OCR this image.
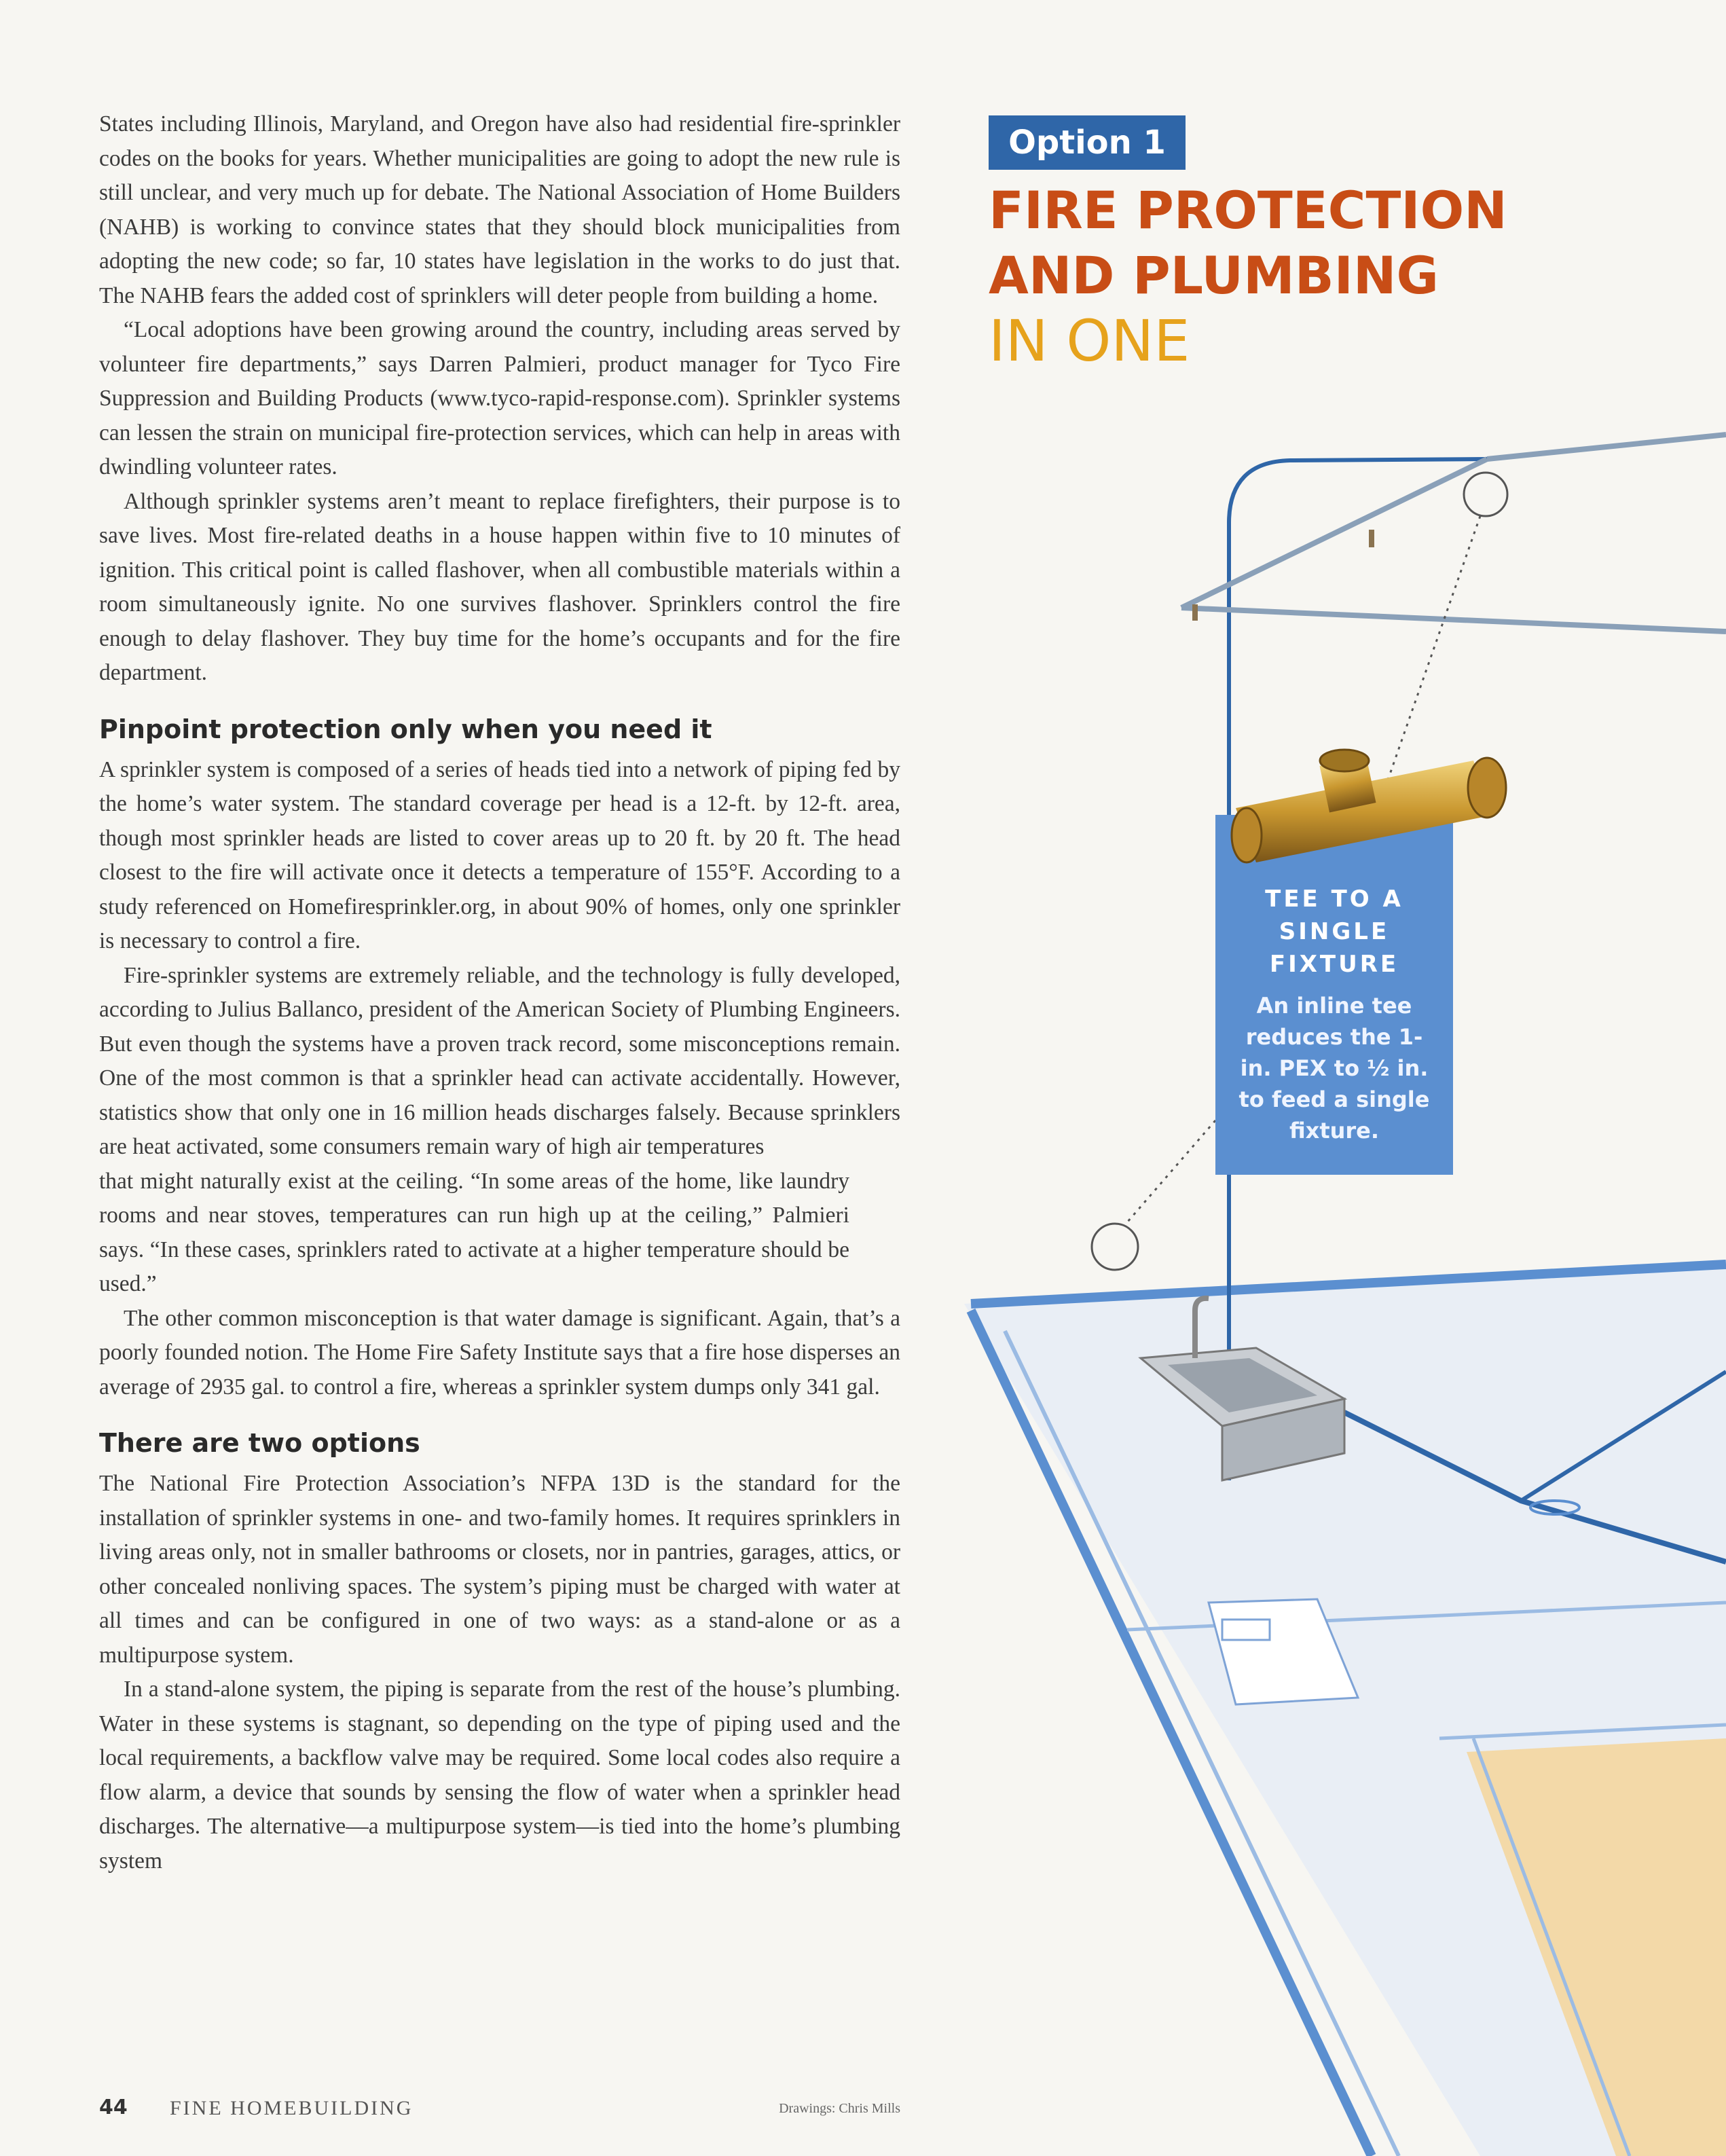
States including Illinois, Maryland, and Oregon have also had residential fire-sprinkler codes on the books for years. Whether municipalities are going to adopt the new rule is still unclear, and very much up for debate. The National Association of Home Builders (NAHB) is working to convince states that they should block municipalities from adopting the new code; so far, 10 states have legislation in the works to do just that. The NAHB fears the added cost of sprinklers will deter people from building a home.

“Local adoptions have been growing around the country, including areas served by volunteer fire departments,” says Darren Palmieri, product manager for Tyco Fire Suppression and Building Products (www.tyco-rapid-response.com). Sprinkler systems can lessen the strain on municipal fire-protection services, which can help in areas with dwindling volunteer rates.

Although sprinkler systems aren’t meant to replace firefighters, their purpose is to save lives. Most fire-related deaths in a house happen within five to 10 minutes of ignition. This critical point is called flashover, when all combustible materials within a room simultaneously ignite. No one survives flashover. Sprinklers control the fire enough to delay flashover. They buy time for the home’s occupants and for the fire department.

Pinpoint protection only when you need it

A sprinkler system is composed of a series of heads tied into a network of piping fed by the home’s water system. The standard coverage per head is a 12-ft. by 12-ft. area, though most sprinkler heads are listed to cover areas up to 20 ft. by 20 ft. The head closest to the fire will activate once it detects a temperature of 155°F. According to a study referenced on Homefiresprinkler.org, in about 90% of homes, only one sprinkler is necessary to control a fire.

Fire-sprinkler systems are extremely reliable, and the technology is fully developed, according to Julius Ballanco, president of the American Society of Plumbing Engineers. But even though the systems have a proven track record, some misconceptions remain. One of the most common is that a sprinkler head can activate accidentally. However, statistics show that only one in 16 million heads discharges falsely. Because sprinklers are heat activated, some consumers remain wary of high air temperatures

that might naturally exist at the ceiling. “In some areas of the home, like laundry rooms and near stoves, temperatures can run high up at the ceiling,” Palmieri says. “In these cases, sprinklers rated to activate at a higher temperature should be used.”

The other common misconception is that water damage is significant. Again, that’s a poorly founded notion. The Home Fire Safety Institute says that a fire hose disperses an average of 2935 gal. to control a fire, whereas a sprinkler system dumps only 341 gal.

There are two options

The National Fire Protection Association’s NFPA 13D is the standard for the installation of sprinkler systems in one- and two-family homes. It requires sprinklers in living areas only, not in smaller bathrooms or closets, nor in pantries, garages, attics, or other concealed nonliving spaces. The system’s piping must be charged with water at all times and can be configured in one of two ways: as a stand-alone or as a multipurpose system.

In a stand-alone system, the piping is separate from the rest of the house’s plumbing. Water in these systems is stagnant, so depending on the type of piping used and the local requirements, a backflow valve may be required. Some local codes also require a flow alarm, a device that sounds by sensing the flow of water when a sprinkler head discharges. The alternative—a multipurpose system—is tied into the home’s plumbing system

44 FINE HOMEBUILDING	Drawings: Chris Mills
Option 1
FIRE PROTECTION
AND PLUMBING
IN ONE
TEE TO A SINGLE FIXTURE
An inline tee reduces the 1-in. PEX to ½ in. to feed a single fixture.
